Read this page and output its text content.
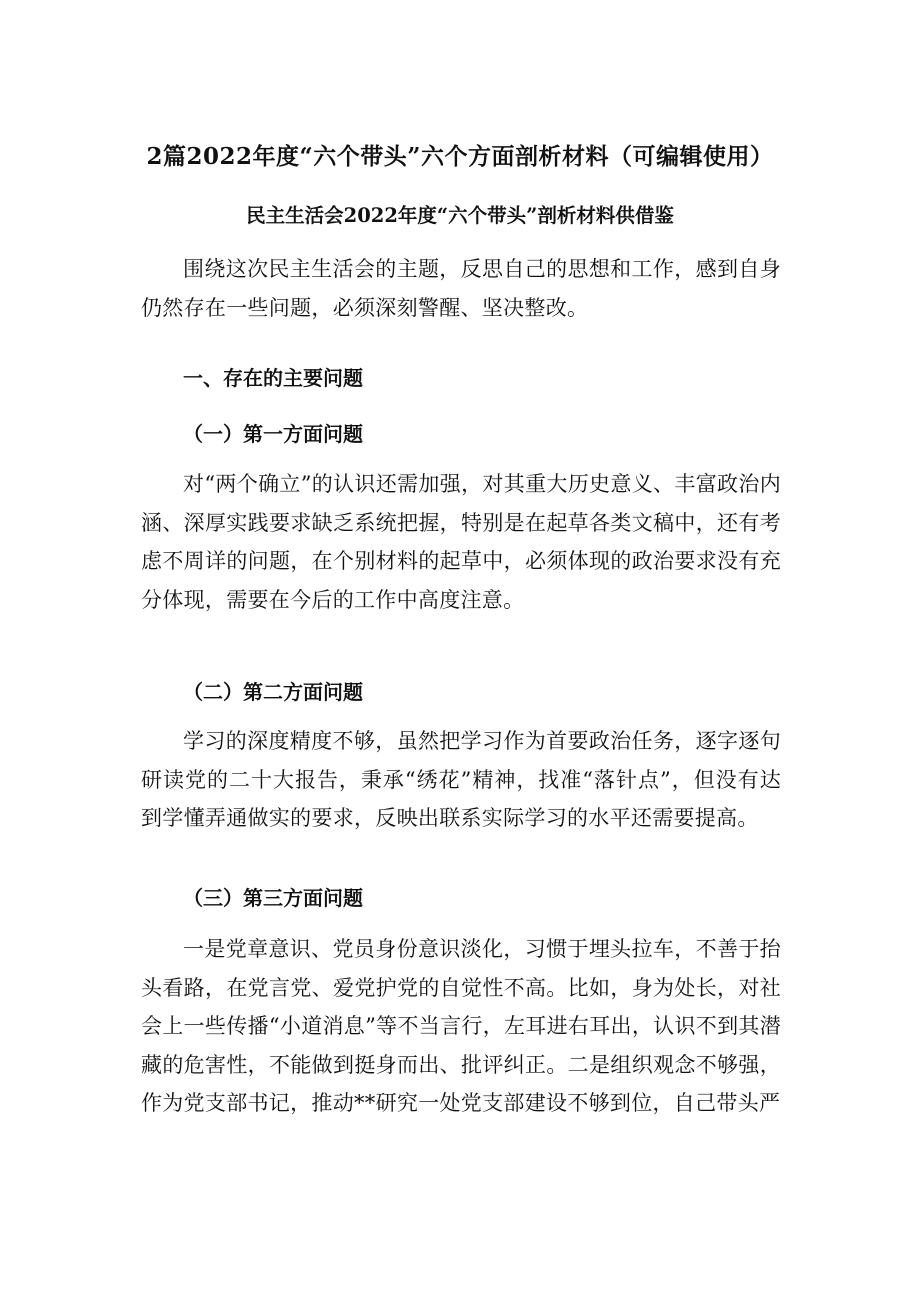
2篇2022年度“六个带头”六个方面剖析材料（可编辑使用）
民主生活会2022年度“六个带头”剖析材料供借鉴

围绕这次民主生活会的主题，反思自己的思想和工作，感到自身仍然存在一些问题，必须深刻警醒、坚决整改。

一、存在的主要问题
（一）第一方面问题

对“两个确立”的认识还需加强，对其重大历史意义、丰富政治内涵、深厚实践要求缺乏系统把握，特别是在起草各类文稿中，还有考虑不周详的问题，在个别材料的起草中，必须体现的政治要求没有充分体现，需要在今后的工作中高度注意。

（二）第二方面问题

学习的深度精度不够，虽然把学习作为首要政治任务，逐字逐句研读党的二十大报告，秉承“绣花”精神，找准“落针点”，但没有达到学懂弄通做实的要求，反映出联系实际学习的水平还需要提高。

（三）第三方面问题

一是党章意识、党员身份意识淡化，习惯于埋头拉车，不善于抬头看路，在党言党、爱党护党的自觉性不高。比如，身为处长，对社会上一些传播“小道消息”等不当言行，左耳进右耳出，认识不到其潜藏的危害性，不能做到挺身而出、批评纠正。二是组织观念不够强，作为党支部书记，推动**研究一处党支部建设不够到位，自己带头严
